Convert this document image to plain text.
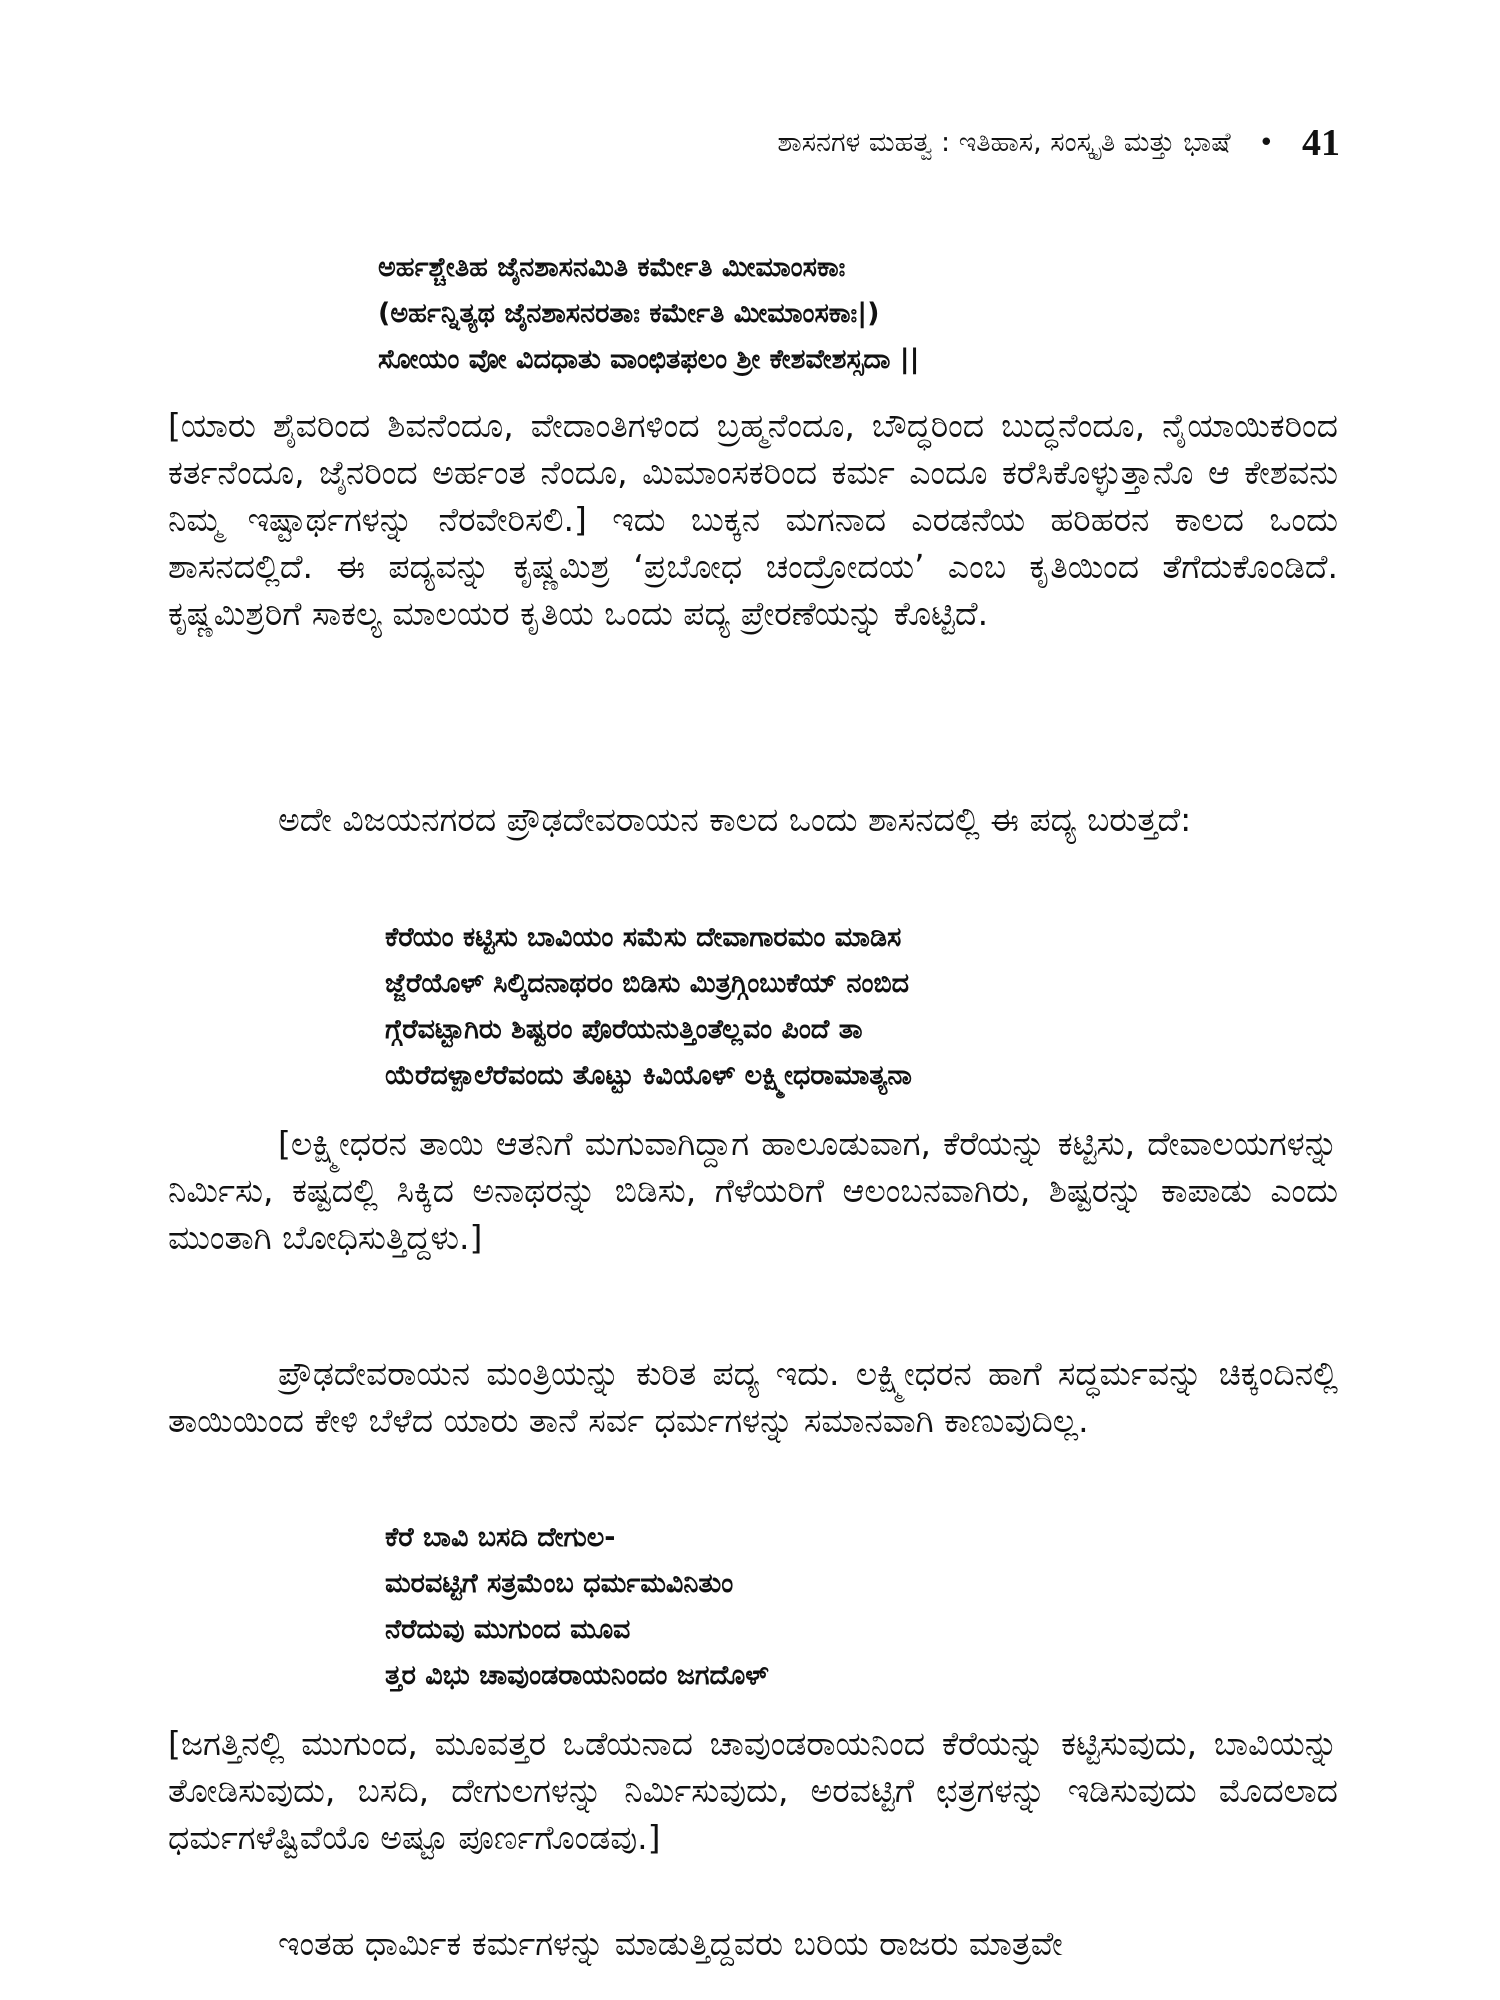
ಶಾಸನಗಳ ಮಹತ್ವ : ಇತಿಹಾಸ, ಸಂಸ್ಕೃತಿ ಮತ್ತು ಭಾಷೆ • 41
ಅರ್ಹಶ್ಚೇತಿಹ ಜೈನಶಾಸನಮಿತಿ ಕರ್ಮೇತಿ ಮೀಮಾಂಸಕಾಃ
(ಅರ್ಹನ್ನಿತ್ಯಥ ಜೈನಶಾಸನರತಾಃ ಕರ್ಮೇತಿ ಮೀಮಾಂಸಕಾಃ|)
ಸೋಯಂ ವೋ ವಿದಧಾತು ವಾಂಛಿತಫಲಂ ಶ್ರೀ ಕೇಶವೇಶಸ್ಸದಾ ||

[ಯಾರು ಶೈವರಿಂದ ಶಿವನೆಂದೂ, ವೇದಾಂತಿಗಳಿಂದ ಬ್ರಹ್ಮನೆಂದೂ, ಬೌದ್ಧರಿಂದ ಬುದ್ಧನೆಂದೂ, ನೈಯಾಯಿಕರಿಂದ ಕರ್ತನೆಂದೂ, ಜೈನರಿಂದ ಅರ್ಹಂತ ನೆಂದೂ, ಮಿಮಾಂಸಕರಿಂದ ಕರ್ಮ ಎಂದೂ ಕರೆಸಿಕೊಳ್ಳುತ್ತಾನೊ ಆ ಕೇಶವನು ನಿಮ್ಮ ಇಷ್ಟಾರ್ಥಗಳನ್ನು ನೆರವೇರಿಸಲಿ.] ಇದು ಬುಕ್ಕನ ಮಗನಾದ ಎರಡನೆಯ ಹರಿಹರನ ಕಾಲದ ಒಂದು ಶಾಸನದಲ್ಲಿದೆ. ಈ ಪದ್ಯವನ್ನು ಕೃಷ್ಣಮಿಶ್ರ ‘ಪ್ರಬೋಧ ಚಂದ್ರೋದಯ’ ಎಂಬ ಕೃತಿಯಿಂದ ತೆಗೆದುಕೊಂಡಿದೆ. ಕೃಷ್ಣಮಿಶ್ರರಿಗೆ ಸಾಕಲ್ಯ ಮಾಲಯರ ಕೃತಿಯ ಒಂದು ಪದ್ಯ ಪ್ರೇರಣೆಯನ್ನು ಕೊಟ್ಟಿದೆ.

ಅದೇ ವಿಜಯನಗರದ ಪ್ರೌಢದೇವರಾಯನ ಕಾಲದ ಒಂದು ಶಾಸನದಲ್ಲಿ ಈ ಪದ್ಯ ಬರುತ್ತದೆ:

ಕೆರೆಯಂ ಕಟ್ಟಿಸು ಬಾವಿಯಂ ಸಮೆಸು ದೇವಾಗಾರಮಂ ಮಾಡಿಸ
ಜ್ಜೆರೆಯೊಳ್ ಸಿಲ್ಕಿದನಾಥರಂ ಬಿಡಿಸು ಮಿತ್ರಗ್ಗಿಂಬುಕೆಯ್ ನಂಬಿದ
ಗ್ಗೆರೆವಟ್ಟಾಗಿರು ಶಿಷ್ಟರಂ ಪೊರೆಯನುತ್ತಿಂತೆಲ್ಲವಂ ಪಿಂದೆ ತಾ
ಯೆರೆದಳ್ಪಾಲೆರೆವಂದು ತೊಟ್ಟು ಕಿವಿಯೊಳ್ ಲಕ್ಷ್ಮೀಧರಾಮಾತ್ಯನಾ

[ಲಕ್ಷ್ಮೀಧರನ ತಾಯಿ ಆತನಿಗೆ ಮಗುವಾಗಿದ್ದಾಗ ಹಾಲೂಡುವಾಗ, ಕೆರೆಯನ್ನು ಕಟ್ಟಿಸು, ದೇವಾಲಯಗಳನ್ನು ನಿರ್ಮಿಸು, ಕಷ್ಟದಲ್ಲಿ ಸಿಕ್ಕಿದ ಅನಾಥರನ್ನು ಬಿಡಿಸು, ಗೆಳೆಯರಿಗೆ ಆಲಂಬನವಾಗಿರು, ಶಿಷ್ಟರನ್ನು ಕಾಪಾಡು ಎಂದು ಮುಂತಾಗಿ ಬೋಧಿಸುತ್ತಿದ್ದಳು.]

ಪ್ರೌಢದೇವರಾಯನ ಮಂತ್ರಿಯನ್ನು ಕುರಿತ ಪದ್ಯ ಇದು. ಲಕ್ಷ್ಮೀಧರನ ಹಾಗೆ ಸದ್ಧರ್ಮವನ್ನು ಚಿಕ್ಕಂದಿನಲ್ಲಿ ತಾಯಿಯಿಂದ ಕೇಳಿ ಬೆಳೆದ ಯಾರು ತಾನೆ ಸರ್ವ ಧರ್ಮಗಳನ್ನು ಸಮಾನವಾಗಿ ಕಾಣುವುದಿಲ್ಲ.

ಕೆರೆ ಬಾವಿ ಬಸದಿ ದೇಗುಲ-
ಮರವಟ್ಟಿಗೆ ಸತ್ರಮೆಂಬ ಧರ್ಮಮವಿನಿತುಂ
ನೆರೆದುವು ಮುಗುಂದ ಮೂವ
ತ್ತರ ವಿಭು ಚಾವುಂಡರಾಯನಿಂದಂ ಜಗದೊಳ್

[ಜಗತ್ತಿನಲ್ಲಿ ಮುಗುಂದ, ಮೂವತ್ತರ ಒಡೆಯನಾದ ಚಾವುಂಡರಾಯನಿಂದ ಕೆರೆಯನ್ನು ಕಟ್ಟಿಸುವುದು, ಬಾವಿಯನ್ನು ತೋಡಿಸುವುದು, ಬಸದಿ, ದೇಗುಲಗಳನ್ನು ನಿರ್ಮಿಸುವುದು, ಅರವಟ್ಟಿಗೆ ಛತ್ರಗಳನ್ನು ಇಡಿಸುವುದು ಮೊದಲಾದ ಧರ್ಮಗಳೆಷ್ಟಿವೆಯೊ ಅಷ್ಟೂ ಪೂರ್ಣಗೊಂಡವು.]

ಇಂತಹ ಧಾರ್ಮಿಕ ಕರ್ಮಗಳನ್ನು ಮಾಡುತ್ತಿದ್ದವರು ಬರಿಯ ರಾಜರು ಮಾತ್ರವೇ
